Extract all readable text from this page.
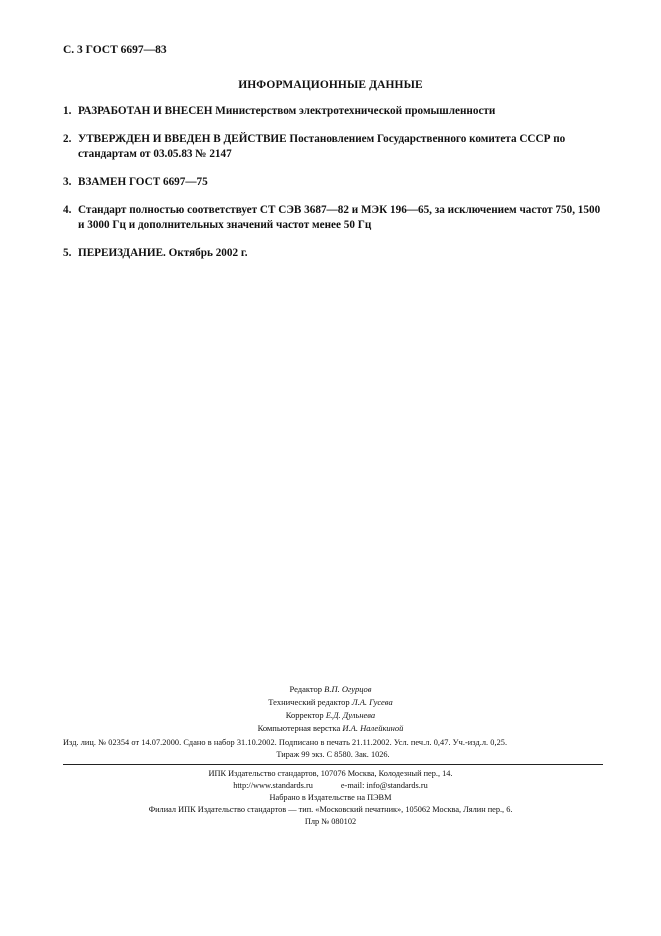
С. 3 ГОСТ 6697—83
ИНФОРМАЦИОННЫЕ ДАННЫЕ
1. РАЗРАБОТАН И ВНЕСЕН Министерством электротехнической промышленности
2. УТВЕРЖДЕН И ВВЕДЕН В ДЕЙСТВИЕ Постановлением Государственного комитета СССР по стандартам от 03.05.83 № 2147
3. ВЗАМЕН ГОСТ 6697—75
4. Стандарт полностью соответствует СТ СЭВ 3687—82 и МЭК 196—65, за исключением частот 750, 1500 и 3000 Гц и дополнительных значений частот менее 50 Гц
5. ПЕРЕИЗДАНИЕ. Октябрь 2002 г.
Редактор В.П. Огурцов
Технический редактор Л.А. Гусева
Корректор Е.Д. Дульнева
Компьютерная верстка И.А. Налейкиной
Изд. лиц. № 02354 от 14.07.2000. Сдано в набор 31.10.2002. Подписано в печать 21.11.2002. Усл. печ.л. 0,47. Уч.-изд.л. 0,25.
Тираж 99 экз. С 8580. Зак. 1026.
ИПК Издательство стандартов, 107076 Москва, Колодезный пер., 14.
http://www.standards.ru	e-mail: info@standards.ru
Набрано в Издательстве на ПЭВМ
Филиал ИПК Издательство стандартов — тип. «Московский печатник», 105062 Москва, Лялин пер., 6.
Плр № 080102
